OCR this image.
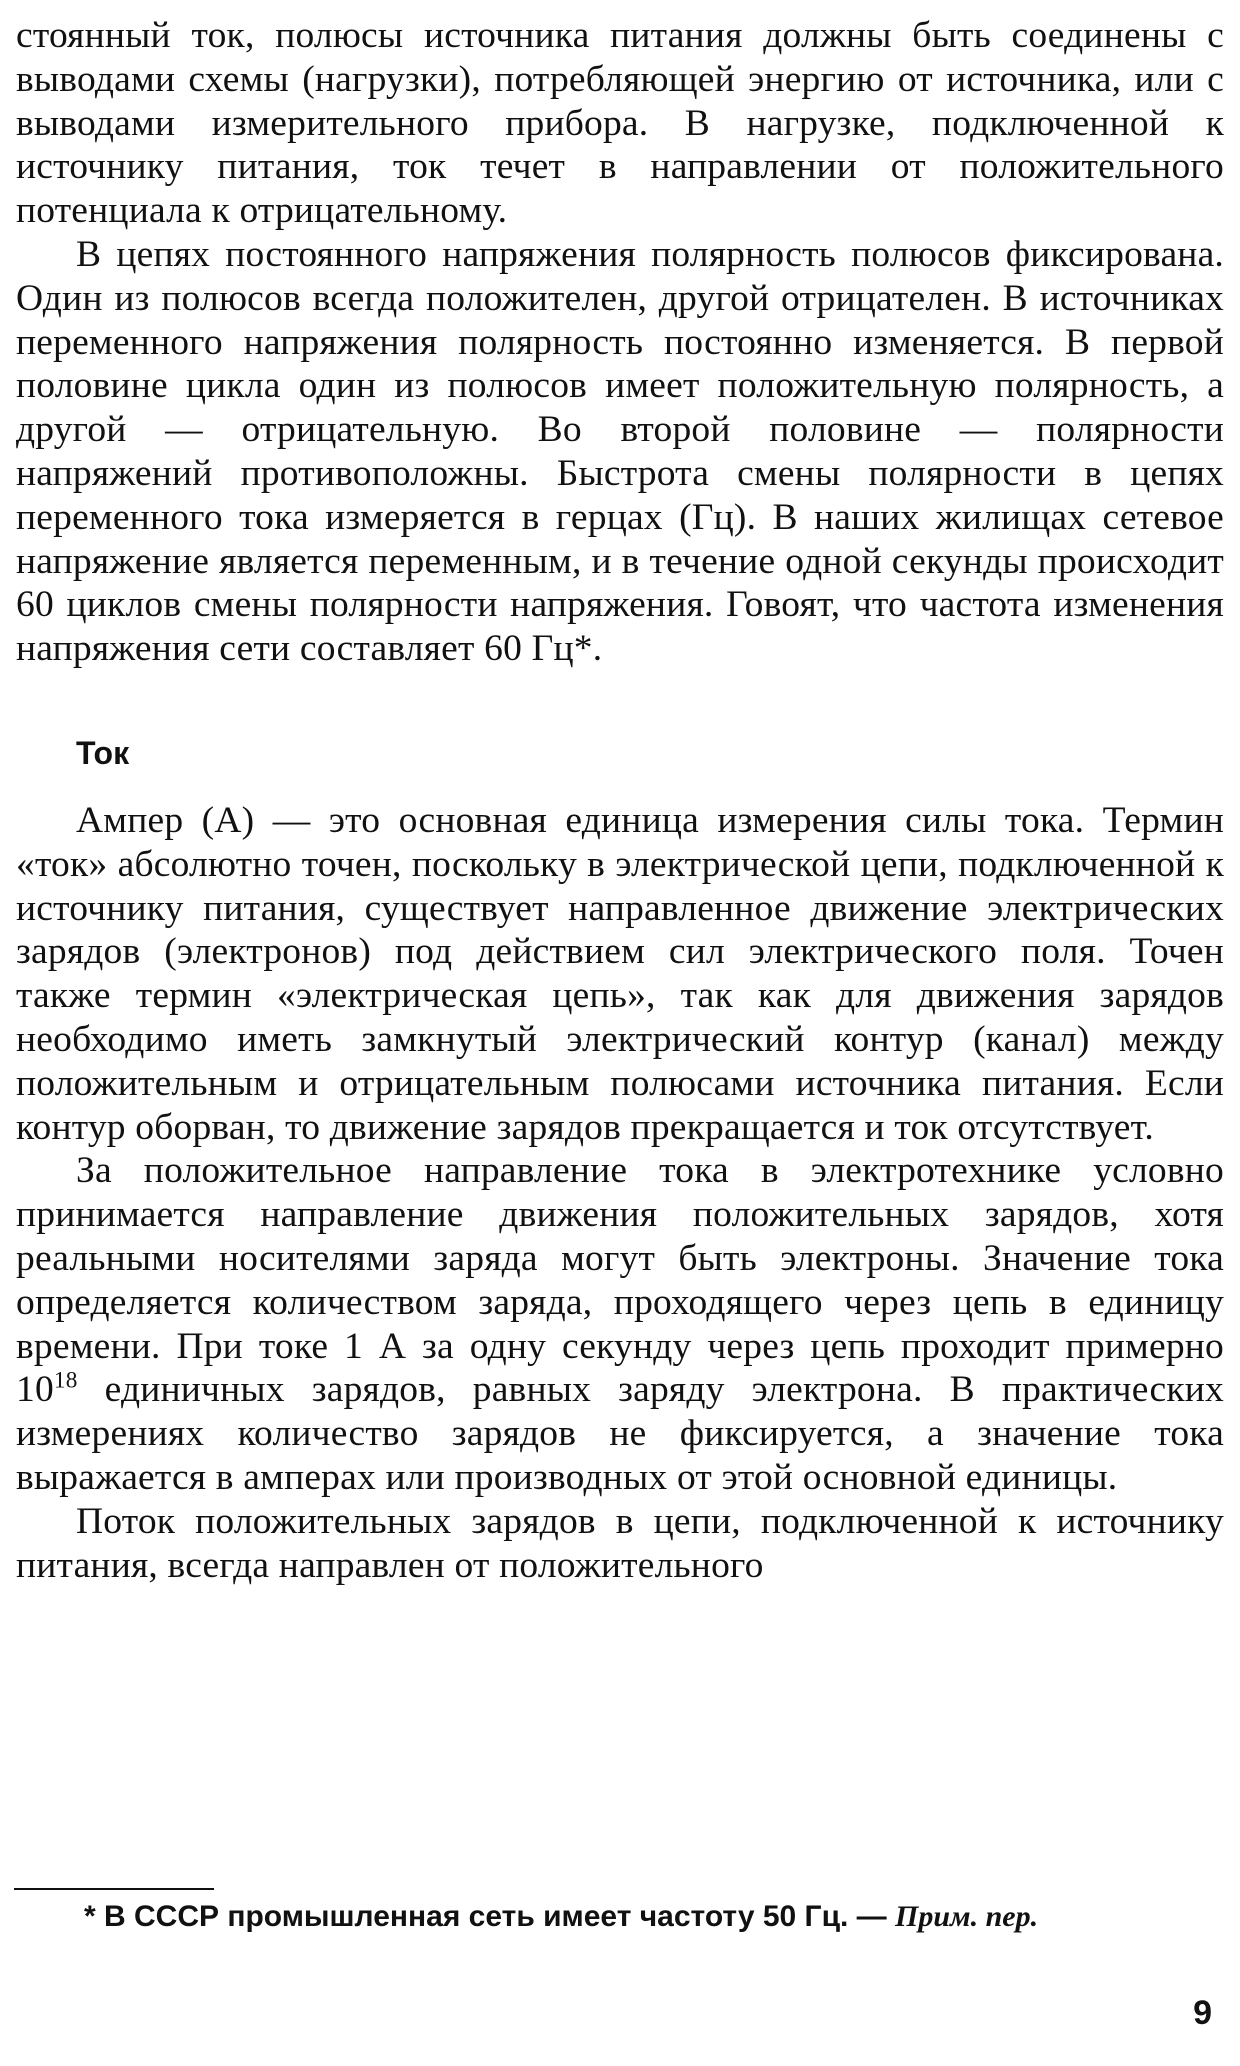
стоянный ток, полюсы источника питания должны быть соединены с выводами схемы (нагрузки), потребляющей энергию от источника, или с выводами измерительного прибора. В нагрузке, подключенной к источнику питания, ток течет в направлении от положительного потенциала к отрицательному.

В цепях постоянного напряжения полярность полюсов фиксирована. Один из полюсов всегда положителен, другой отрицателен. В источниках переменного напряжения полярность постоянно изменяется. В первой половине цикла один из полюсов имеет положительную полярность, а другой — отрицательную. Во второй половине — полярности напряжений противоположны. Быстрота смены полярности в цепях переменного тока измеряется в герцах (Гц). В наших жилищах сетевое напряжение является переменным, и в течение одной секунды происходит 60 циклов смены полярности напряжения. Говоят, что частота изменения напряжения сети составляет 60 Гц*.

Ток

Ампер (А) — это основная единица измерения силы тока. Термин «ток» абсолютно точен, поскольку в электрической цепи, подключенной к источнику питания, существует направленное движение электрических зарядов (электронов) под действием сил электрического поля. Точен также термин «электрическая цепь», так как для движения зарядов необходимо иметь замкнутый электрический контур (канал) между положительным и отрицательным полюсами источника питания. Если контур оборван, то движение зарядов прекращается и ток отсутствует.

За положительное направление тока в электротехнике условно принимается направление движения положительных зарядов, хотя реальными носителями заряда могут быть электроны. Значение тока определяется количеством заряда, проходящего через цепь в единицу времени. При токе 1 А за одну секунду через цепь проходит примерно $10^{18}$ единичных зарядов, равных заряду электрона. В практических измерениях количество зарядов не фиксируется, а значение тока выражается в амперах или производных от этой основной единицы.

Поток положительных зарядов в цепи, подключенной к источнику питания, всегда направлен от положительного

* В СССР промышленная сеть имеет частоту 50 Гц. — Прим. пер.
9
